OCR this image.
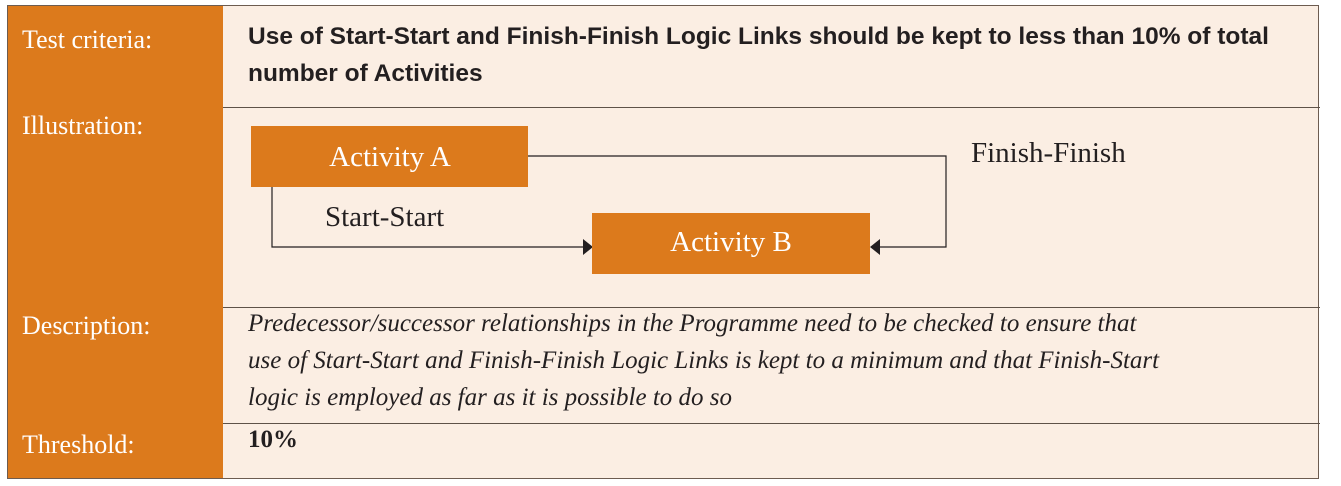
Test criteria:
Illustration:
Description:
Threshold:
Use of Start-Start and Finish-Finish Logic Links should be kept to less than 10% of total number of Activities
Activity A
Activity B
Start-Start
Finish-Finish
Predecessor/successor relationships in the Programme need to be checked to ensure that
use of Start-Start and Finish-Finish Logic Links is kept to a minimum and that Finish-Start
logic is employed as far as it is possible to do so
10%
